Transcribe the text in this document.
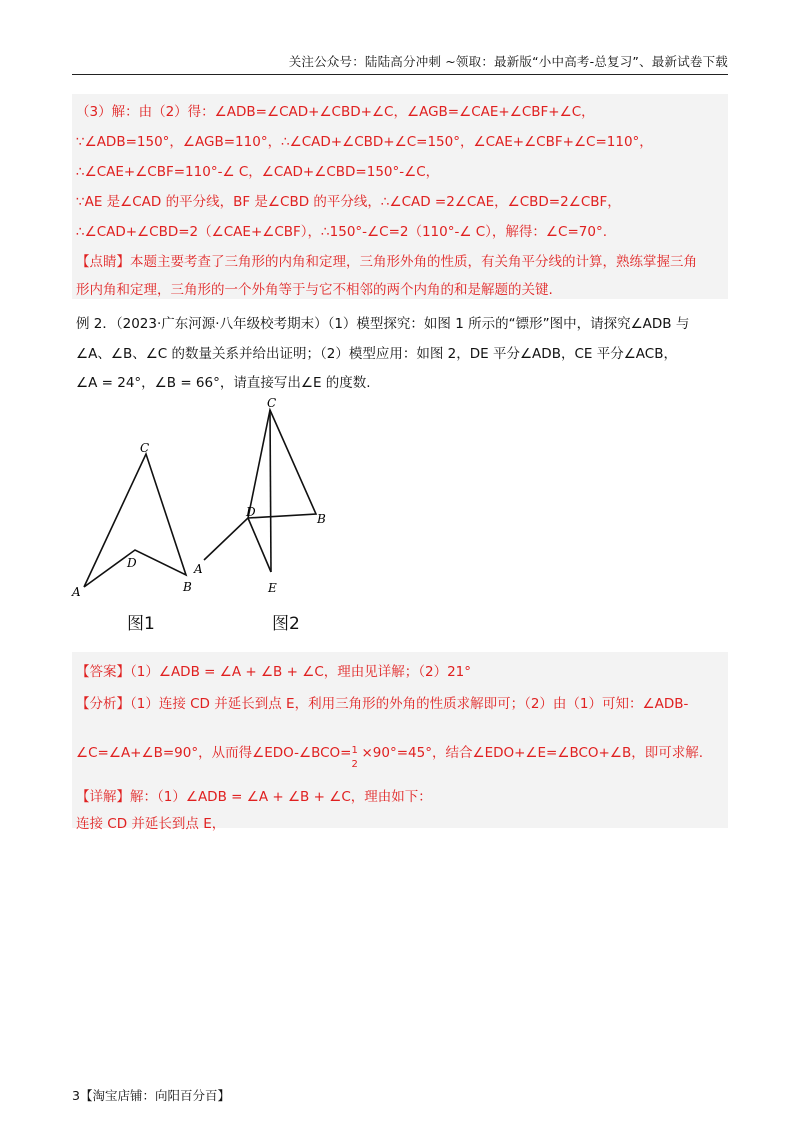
关注公众号：陆陆高分冲刺 ~领取：最新版“小中高考-总复习”、最新试卷下载
（3）解：由（2）得：∠ADB=∠CAD+∠CBD+∠C，∠AGB=∠CAE+∠CBF+∠C，
∵∠ADB=150°，∠AGB=110°，∴∠CAD+∠CBD+∠C=150°，∠CAE+∠CBF+∠C=110°，
∴∠CAE+∠CBF=110°-∠ C，∠CAD+∠CBD=150°-∠C，
∵AE 是∠CAD 的平分线，BF 是∠CBD 的平分线，∴∠CAD =2∠CAE，∠CBD=2∠CBF，
∴∠CAD+∠CBD=2（∠CAE+∠CBF），∴150°-∠C=2（110°-∠ C），解得：∠C=70°.
【点睛】本题主要考查了三角形的内角和定理，三角形外角的性质，有关角平分线的计算，熟练掌握三角
形内角和定理，三角形的一个外角等于与它不相邻的两个内角的和是解题的关键.
例 2．（2023·广东河源·八年级校考期末）（1）模型探究：如图 1 所示的“镖形”图中，请探究∠ADB 与
∠A、∠B、∠C 的数量关系并给出证明；（2）模型应用：如图 2，DE 平分∠ADB，CE 平分∠ACB，
∠A = 24°，∠B = 66°，请直接写出∠E 的度数.
C
D
A	B
C
D	B
A
E
图1	图2
【答案】（1）∠ADB = ∠A + ∠B + ∠C，理由见详解；（2）21°
【分析】（1）连接 CD 并延长到点 E，利用三角形的外角的性质求解即可；（2）由（1）可知：∠ADB-
∠C=∠A+∠B=90°，从而得∠EDO-∠BCO= 1
2
×90°=45°，结合∠EDO+∠E=∠BCO+∠B，即可求解.
【详解】解：（1）∠ADB = ∠A + ∠B + ∠C，理由如下：
连接 CD 并延长到点 E，
3【淘宝店铺：向阳百分百】
